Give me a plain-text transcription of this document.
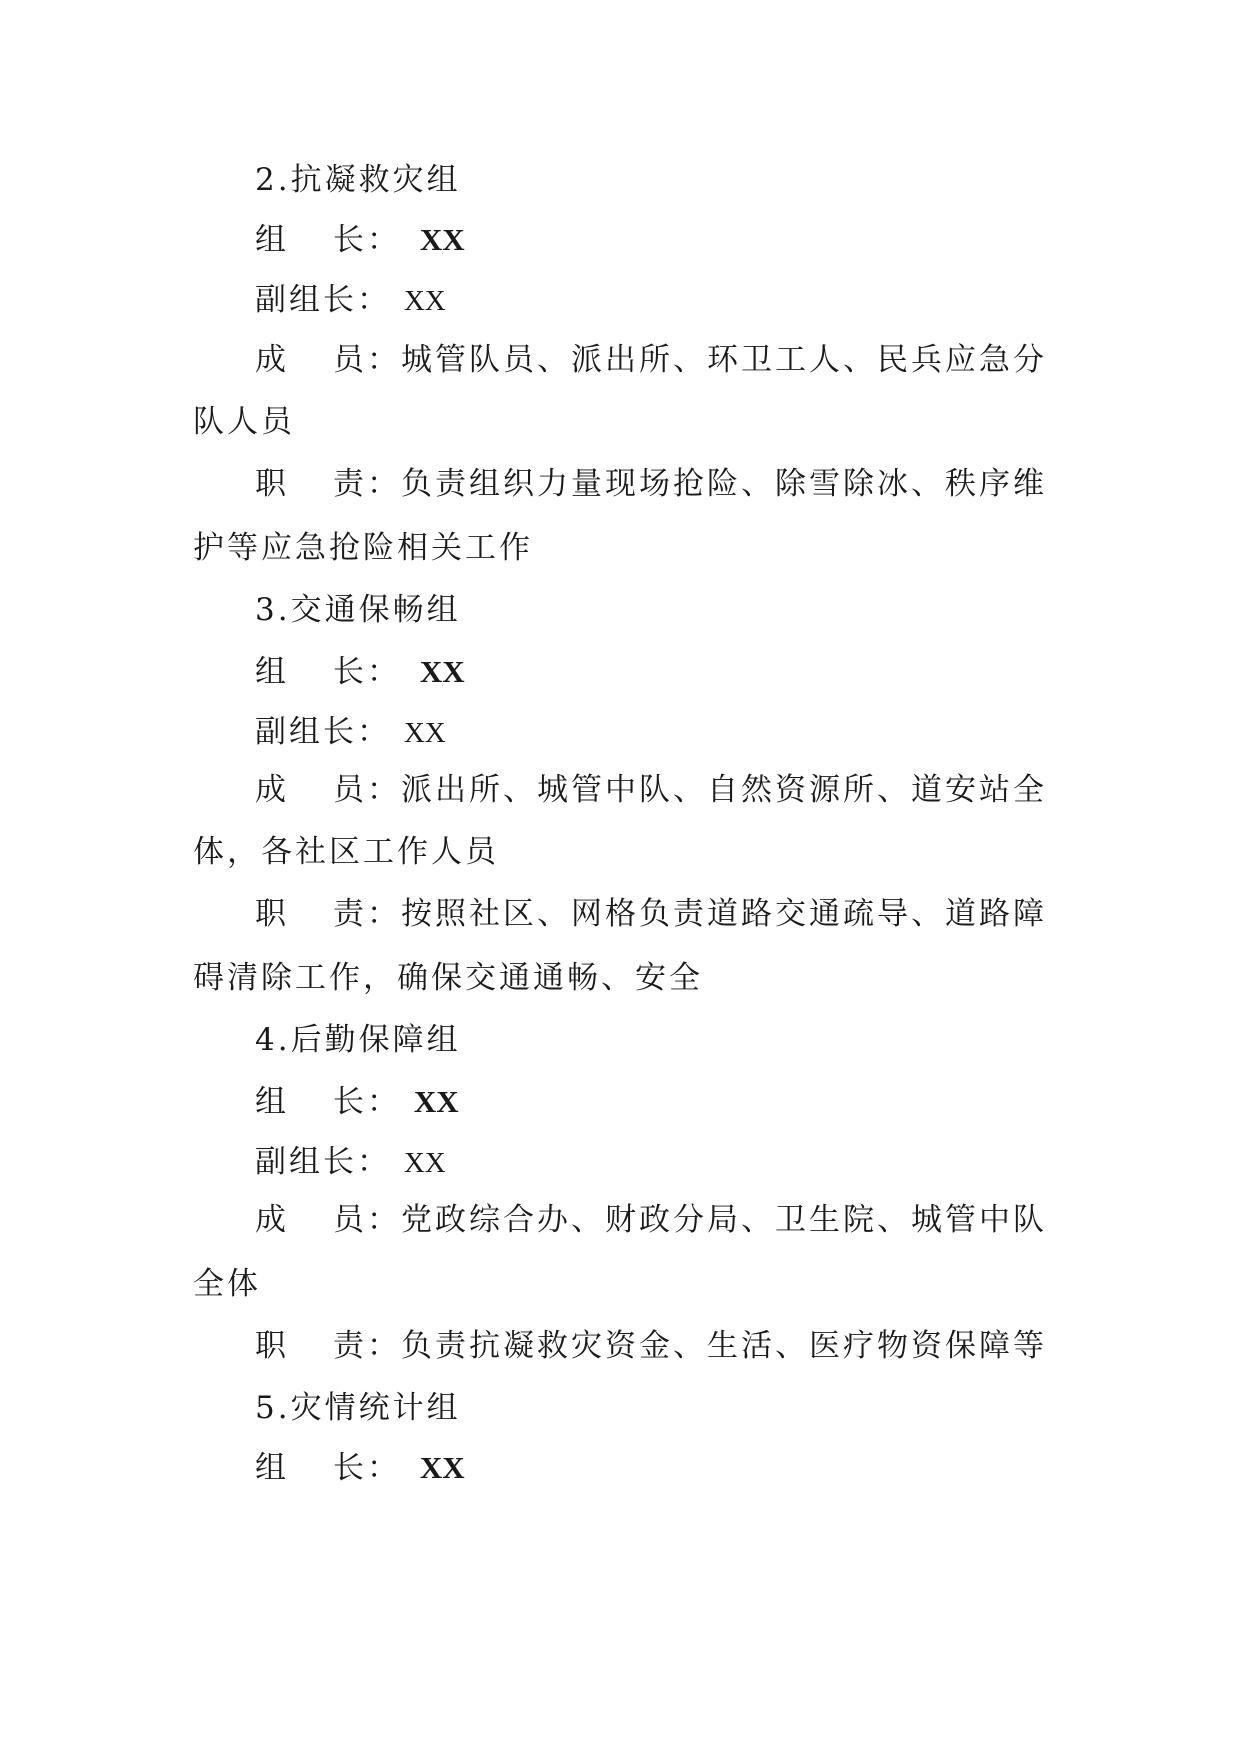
2.抗凝救灾组
组 长： XX
副组长： XX
成 员：城管队员、派出所、环卫工人、民兵应急分
队人员
职 责：负责组织力量现场抢险、除雪除冰、秩序维
护等应急抢险相关工作
3.交通保畅组
组 长： XX
副组长： XX
成 员：派出所、城管中队、自然资源所、道安站全
体，各社区工作人员
职 责：按照社区、网格负责道路交通疏导、道路障
碍清除工作，确保交通通畅、安全
4.后勤保障组
组 长： XX
副组长： XX
成 员：党政综合办、财政分局、卫生院、城管中队
全体
职 责：负责抗凝救灾资金、生活、医疗物资保障等
5.灾情统计组
组 长： XX
